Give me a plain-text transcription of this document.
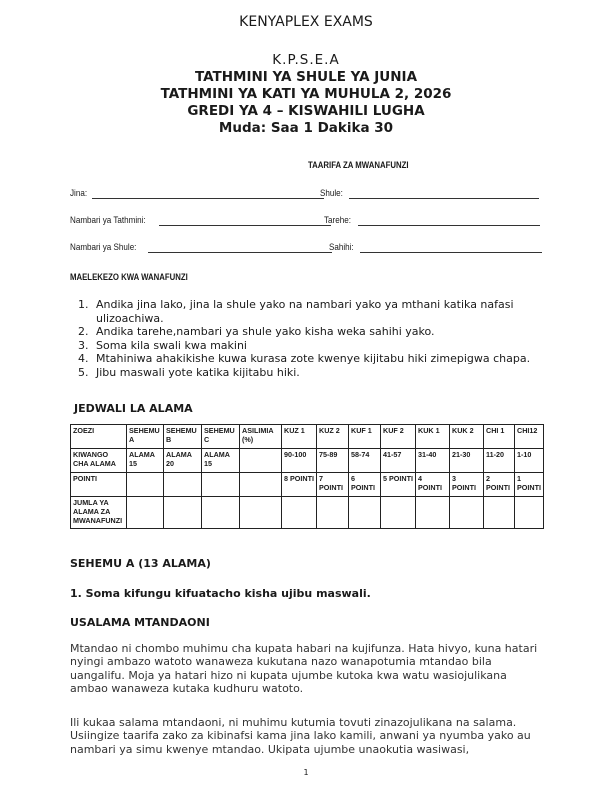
KENYAPLEX EXAMS
K.P.S.E.A
TATHMINI YA SHULE YA JUNIA
TATHMINI YA KATI YA MUHULA 2, 2026
GREDI YA 4 – KISWAHILI LUGHA
Muda: Saa 1 Dakika 30
TAARIFA ZA MWANAFUNZI
Jina:	Shule:
Nambari ya Tathmini:	Tarehe:
Nambari ya Shule:	Sahihi:
MAELEKEZO KWA WANAFUNZI
1. Andika jina lako, jina la shule yako na nambari yako ya mthani katika nafasi ulizoachiwa.
2. Andika tarehe,nambari ya shule yako kisha weka sahihi yako.
3. Soma kila swali kwa makini
4. Mtahiniwa ahakikishe kuwa kurasa zote kwenye kijitabu hiki zimepigwa chapa.
5. Jibu maswali yote katika kijitabu hiki.
JEDWALI LA ALAMA
ZOEZI	SEHEMU A	SEHEMU B	SEHEMU C	ASILIMIA (%)	KUZ 1	KUZ 2	KUF 1	KUF 2	KUK 1	KUK 2	CHI 1	CHI12
KIWANGO CHA ALAMA	ALAMA 15	ALAMA 20	ALAMA 15		90-100	75-89	58-74	41-57	31-40	21-30	11-20	1-10
POINTI					8 POINTI	7 POINTI	6 POINTI	5 POINTI	4 POINTI	3 POINTI	2 POINTI	1 POINTI
JUMLA YA ALAMA ZA MWANAFUNZI												
SEHEMU A (13 ALAMA)
1. Soma kifungu kifuatacho kisha ujibu maswali.
USALAMA MTANDAONI
Mtandao ni chombo muhimu cha kupata habari na kujifunza. Hata hivyo, kuna hatari nyingi ambazo watoto wanaweza kukutana nazo wanapotumia mtandao bila uangalifu. Moja ya hatari hizo ni kupata ujumbe kutoka kwa watu wasiojulikana ambao wanaweza kutaka kudhuru watoto.
Ili kukaa salama mtandaoni, ni muhimu kutumia tovuti zinazojulikana na salama. Usiingize taarifa zako za kibinafsi kama jina lako kamili, anwani ya nyumba yako au nambari ya simu kwenye mtandao. Ukipata ujumbe unaokutia wasiwasi,
1
